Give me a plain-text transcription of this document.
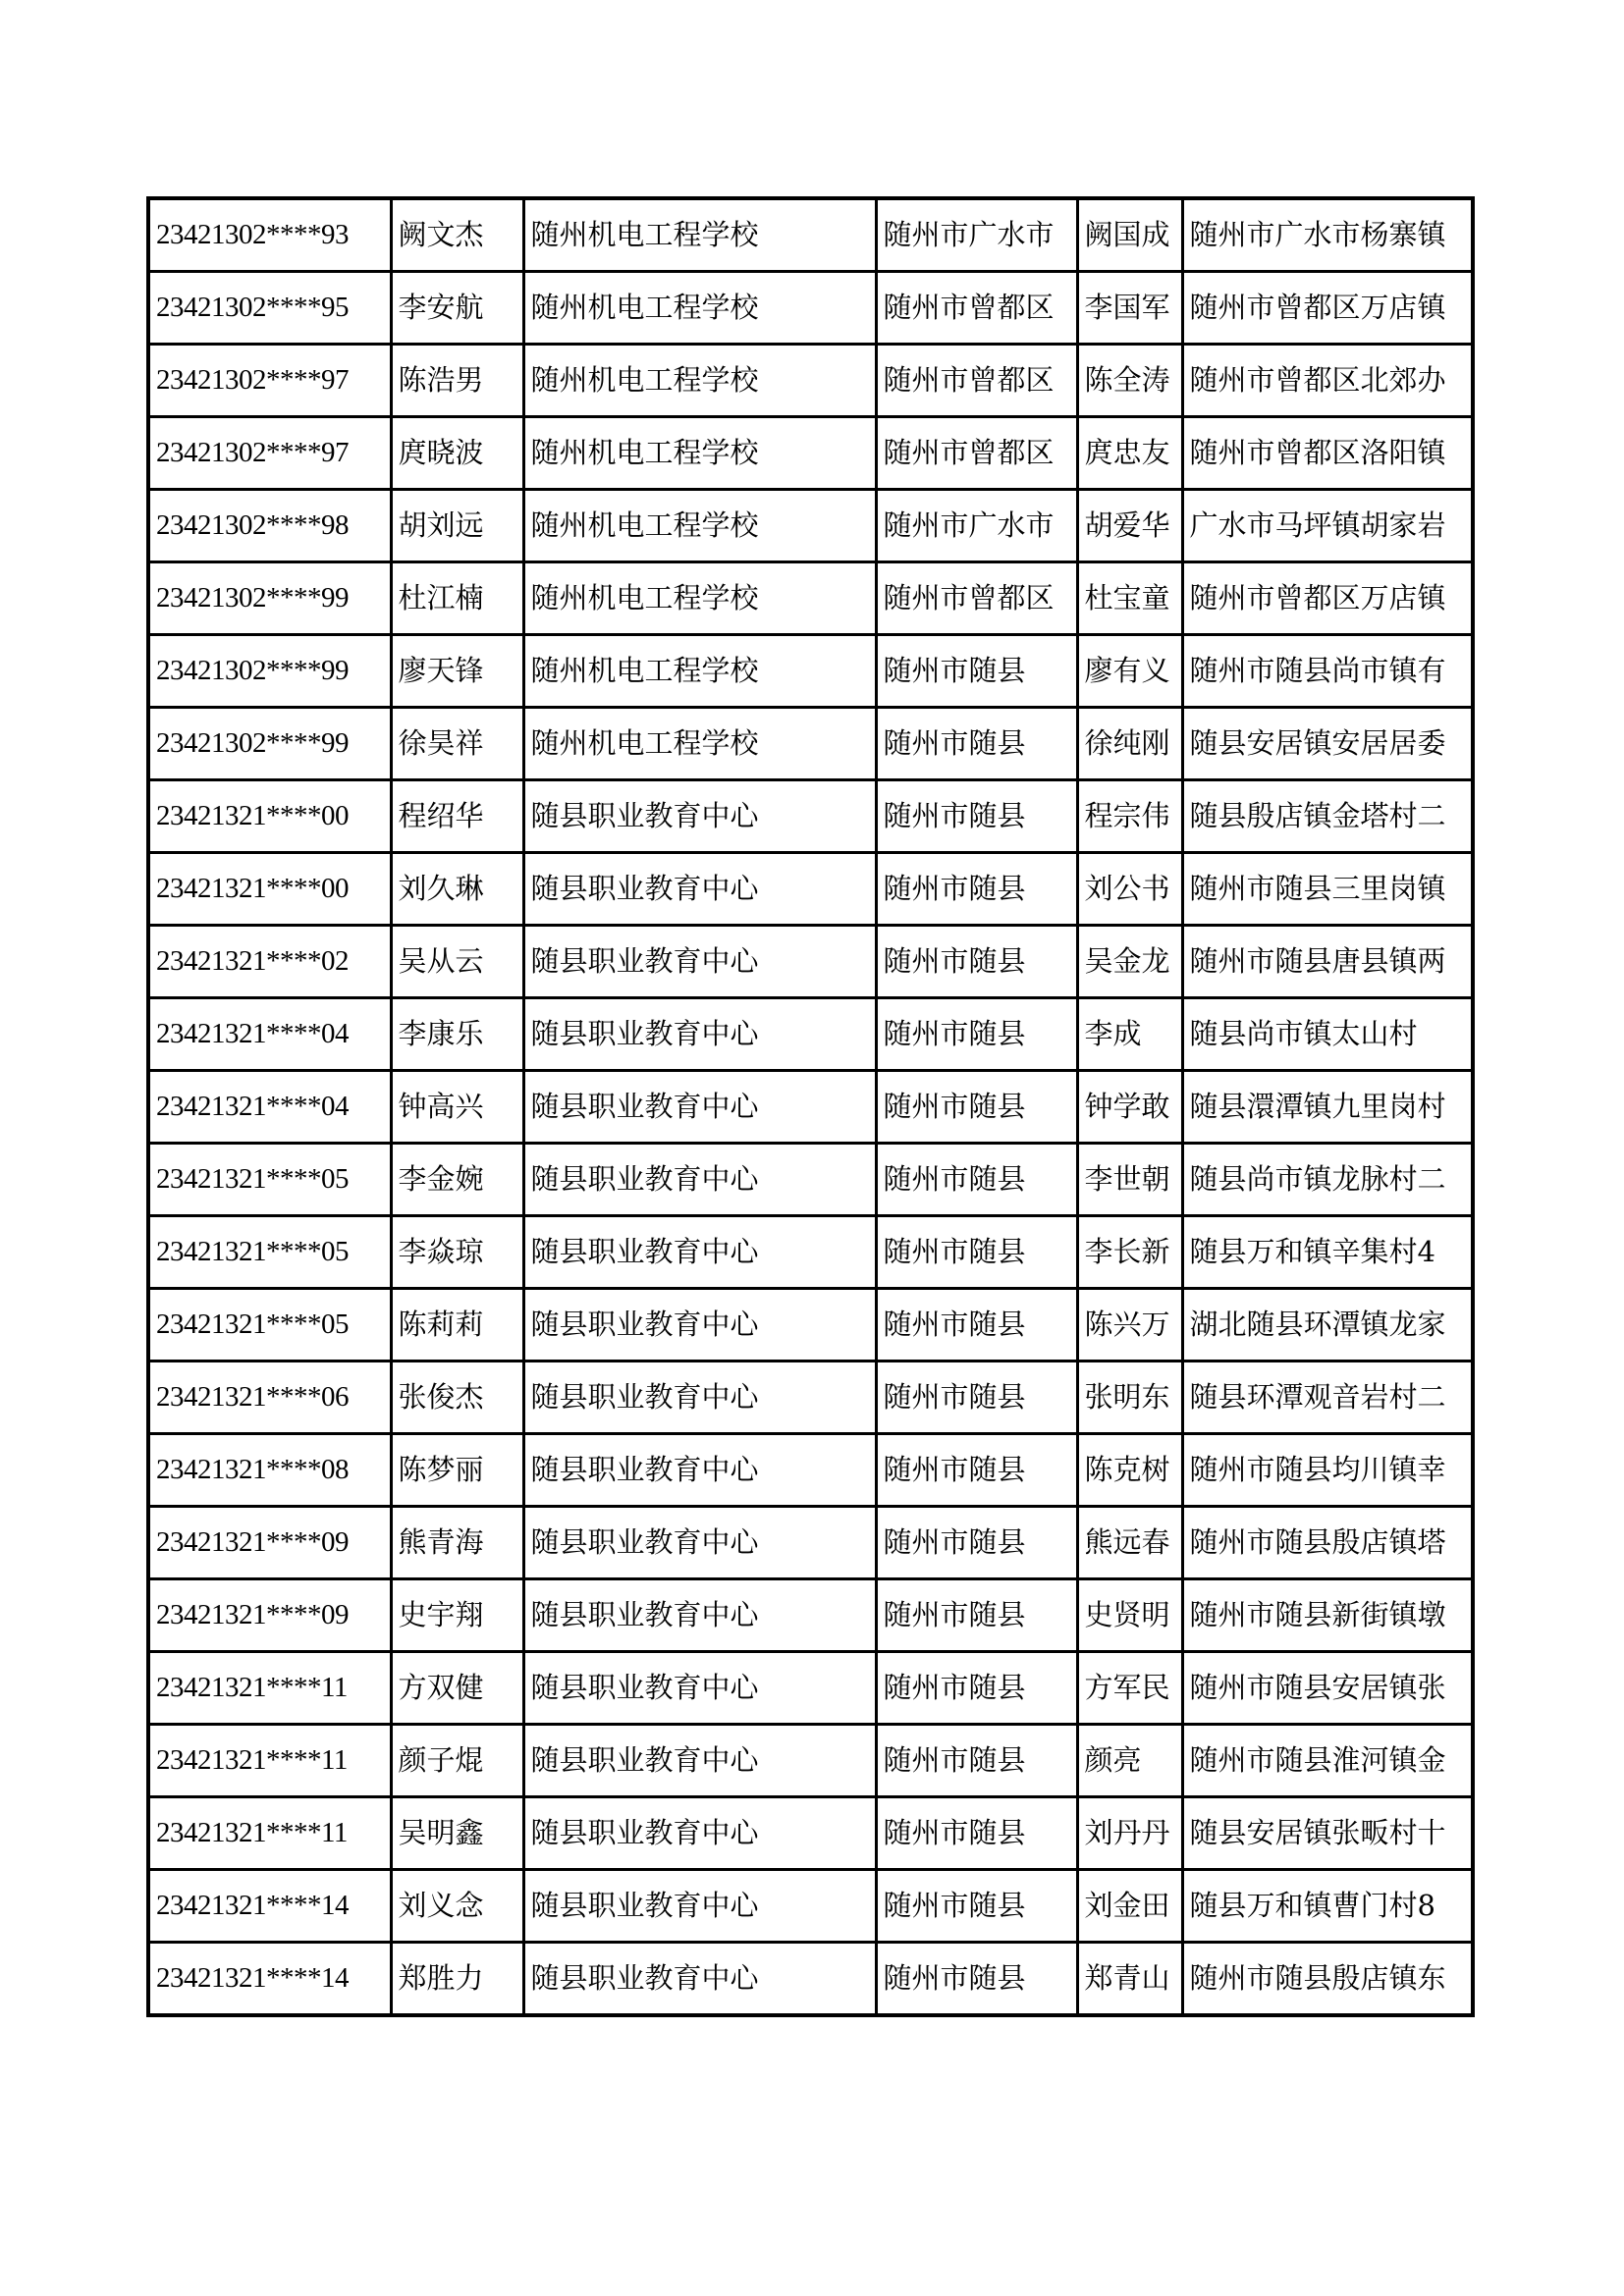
23421302****93	阙文杰	随州机电工程学校	随州市广水市	阙国成	随州市广水市杨寨镇
23421302****95	李安航	随州机电工程学校	随州市曾都区	李国军	随州市曾都区万店镇
23421302****97	陈浩男	随州机电工程学校	随州市曾都区	陈全涛	随州市曾都区北郊办
23421302****97	庹晓波	随州机电工程学校	随州市曾都区	庹忠友	随州市曾都区洛阳镇
23421302****98	胡刘远	随州机电工程学校	随州市广水市	胡爱华	广水市马坪镇胡家岩
23421302****99	杜江楠	随州机电工程学校	随州市曾都区	杜宝童	随州市曾都区万店镇
23421302****99	廖天锋	随州机电工程学校	随州市随县	廖有义	随州市随县尚市镇有
23421302****99	徐昊祥	随州机电工程学校	随州市随县	徐纯刚	随县安居镇安居居委
23421321****00	程绍华	随县职业教育中心	随州市随县	程宗伟	随县殷店镇金塔村二
23421321****00	刘久琳	随县职业教育中心	随州市随县	刘公书	随州市随县三里岗镇
23421321****02	吴从云	随县职业教育中心	随州市随县	吴金龙	随州市随县唐县镇两
23421321****04	李康乐	随县职业教育中心	随州市随县	李成	随县尚市镇太山村
23421321****04	钟高兴	随县职业教育中心	随州市随县	钟学敢	随县澴潭镇九里岗村
23421321****05	李金婉	随县职业教育中心	随州市随县	李世朝	随县尚市镇龙脉村二
23421321****05	李焱琼	随县职业教育中心	随州市随县	李长新	随县万和镇辛集村4
23421321****05	陈莉莉	随县职业教育中心	随州市随县	陈兴万	湖北随县环潭镇龙家
23421321****06	张俊杰	随县职业教育中心	随州市随县	张明东	随县环潭观音岩村二
23421321****08	陈梦丽	随县职业教育中心	随州市随县	陈克树	随州市随县均川镇幸
23421321****09	熊青海	随县职业教育中心	随州市随县	熊远春	随州市随县殷店镇塔
23421321****09	史宇翔	随县职业教育中心	随州市随县	史贤明	随州市随县新街镇墩
23421321****11	方双健	随县职业教育中心	随州市随县	方军民	随州市随县安居镇张
23421321****11	颜子焜	随县职业教育中心	随州市随县	颜亮	随州市随县淮河镇金
23421321****11	吴明鑫	随县职业教育中心	随州市随县	刘丹丹	随县安居镇张畈村十
23421321****14	刘义念	随县职业教育中心	随州市随县	刘金田	随县万和镇曹门村8
23421321****14	郑胜力	随县职业教育中心	随州市随县	郑青山	随州市随县殷店镇东
